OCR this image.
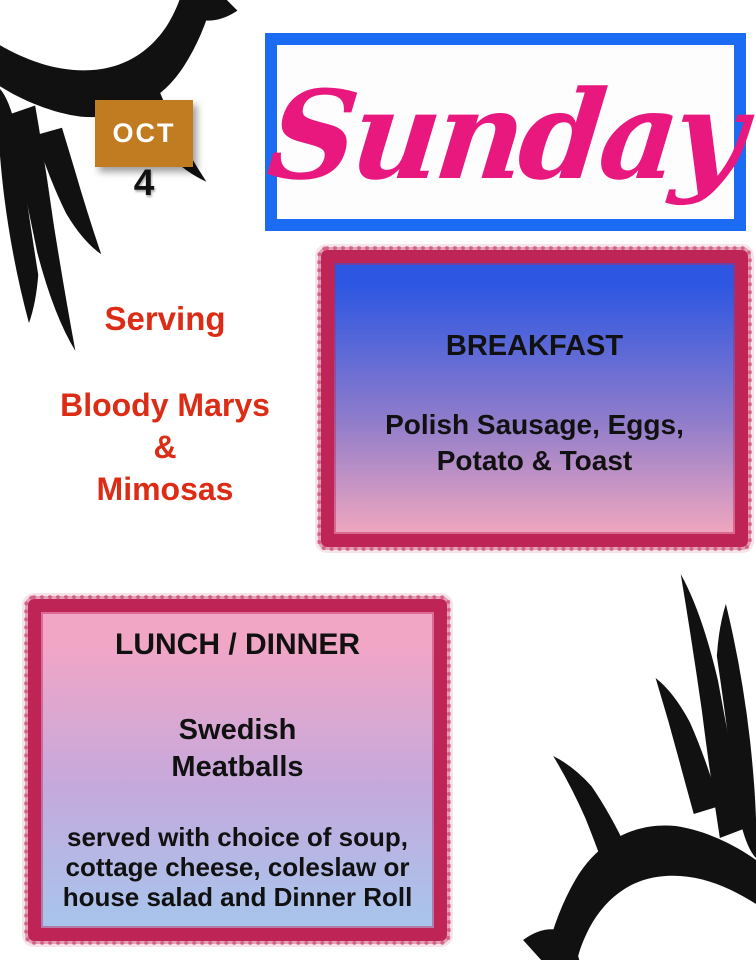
OCT
4 Sunday

Serving

Bloody Marys
&
Mimosas

BREAKFAST
Polish Sausage, Eggs,
Potato & Toast
LUNCH / DINNER
Swedish
Meatballs
served with choice of soup,
cottage cheese, coleslaw or
house salad and Dinner Roll
